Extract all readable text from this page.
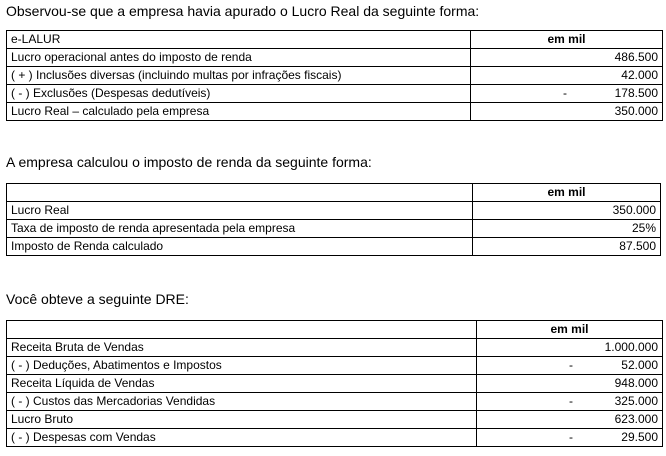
Observou-se que a empresa havia apurado o Lucro Real da seguinte forma:
e-LALUR	em mil
Lucro operacional antes do imposto de renda	486.500
( + ) Inclusões diversas (incluindo multas por infrações fiscais)	42.000
( - ) Exclusões (Despesas dedutíveis)	- 178.500
Lucro Real – calculado pela empresa	350.000
A empresa calculou o imposto de renda da seguinte forma:
	em mil
Lucro Real	350.000
Taxa de imposto de renda apresentada pela empresa	25%
Imposto de Renda calculado	87.500
Você obteve a seguinte DRE:
	em mil
Receita Bruta de Vendas	1.000.000
( - ) Deduções, Abatimentos e Impostos	- 52.000
Receita Líquida de Vendas	948.000
( - ) Custos das Mercadorias Vendidas	- 325.000
Lucro Bruto	623.000
( - ) Despesas com Vendas	- 29.500
